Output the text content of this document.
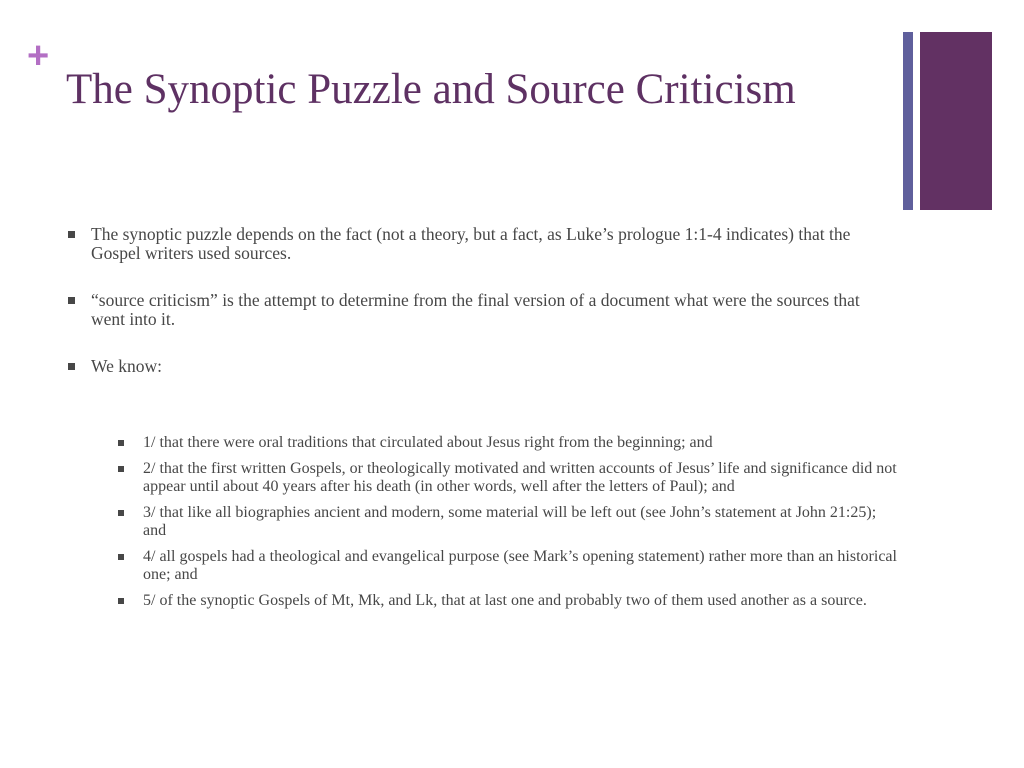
+
The Synoptic Puzzle and Source Criticism
The synoptic puzzle depends on the fact (not a theory, but a fact, as Luke’s prologue 1:1-4 indicates) that the Gospel writers used sources.
“source criticism” is the attempt to determine from the final version of a document what were the sources that went into it.
We know:
1/ that there were oral traditions that circulated about Jesus right from the beginning; and
2/ that the first written Gospels, or theologically motivated and written accounts of Jesus’ life and significance did not appear until about 40 years after his death (in other words, well after the letters of Paul); and
3/ that like all biographies ancient and modern, some material will be left out (see John’s statement at John 21:25); and
4/ all gospels had a theological and evangelical purpose (see Mark’s opening statement) rather more than an historical one; and
5/ of the synoptic Gospels of Mt, Mk, and Lk, that at last one and probably two of them used another as a source.
